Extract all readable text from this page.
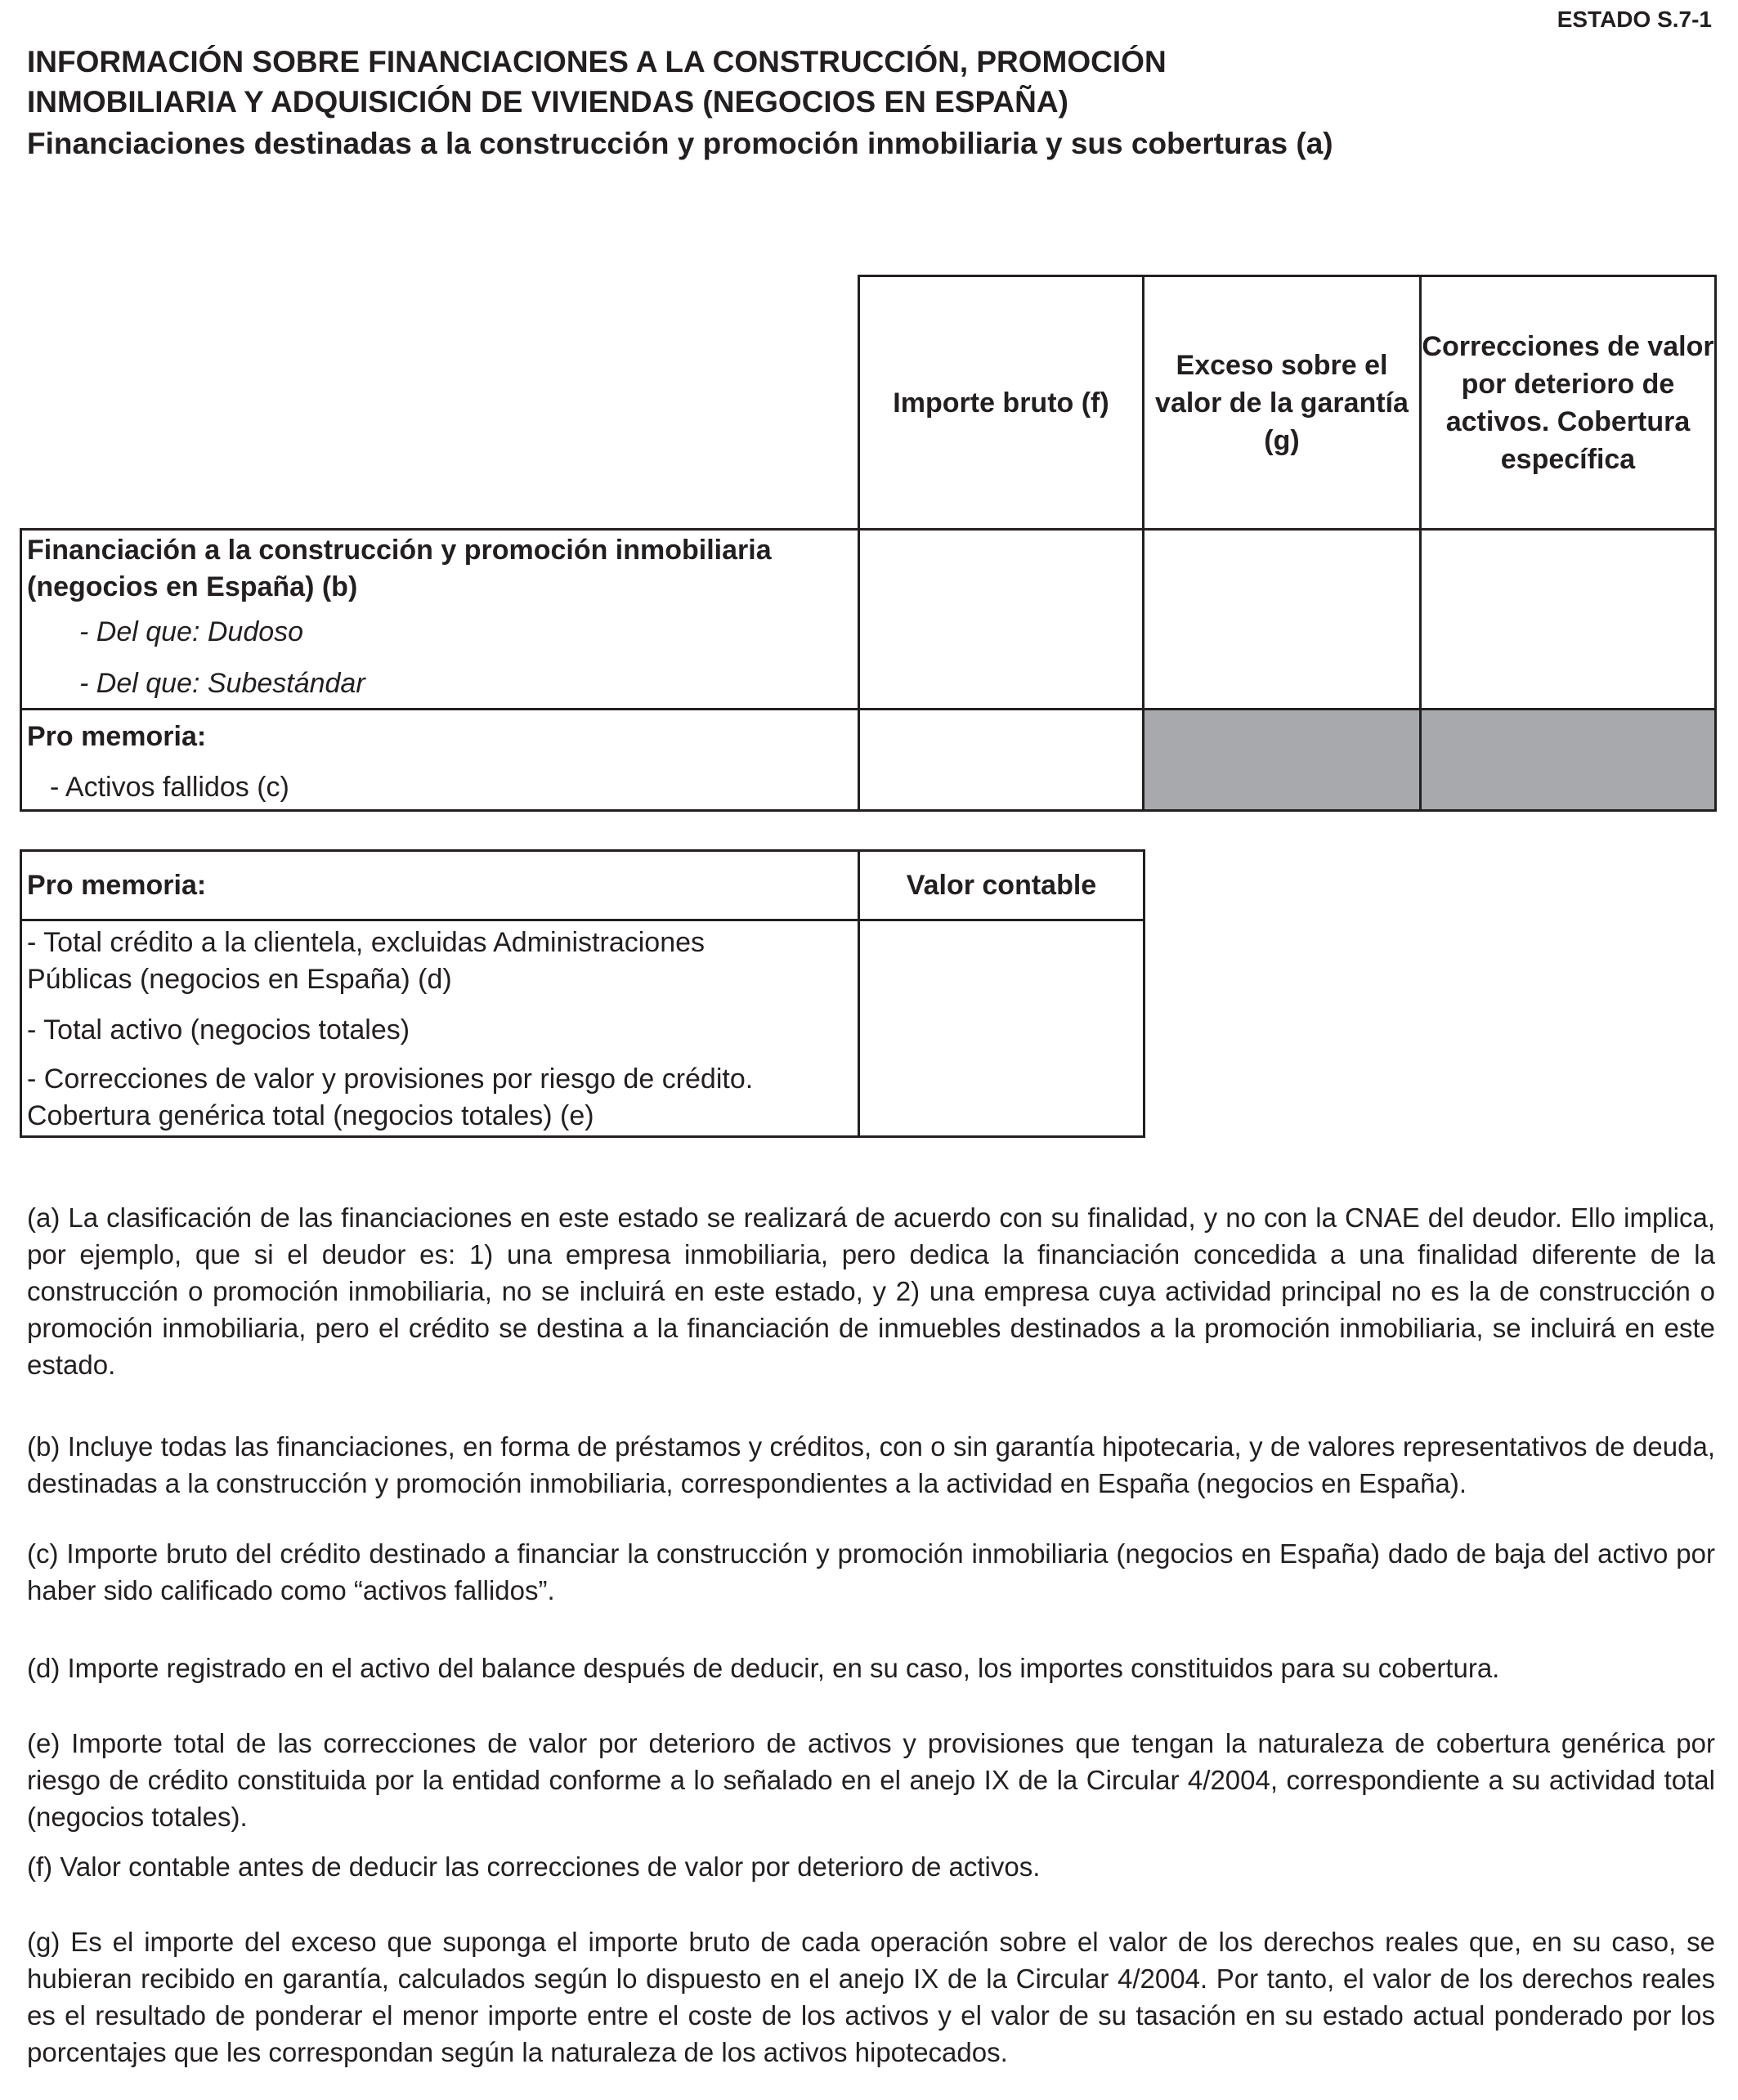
ESTADO S.7-1
INFORMACIÓN SOBRE FINANCIACIONES A LA CONSTRUCCIÓN, PROMOCIÓN
INMOBILIARIA Y ADQUISICIÓN DE VIVIENDAS (NEGOCIOS EN ESPAÑA)
Financiaciones destinadas a la construcción y promoción inmobiliaria y sus coberturas (a)
Importe bruto (f)
Exceso sobre el valor de la garantía (g)
Correcciones de valor por deterioro de activos. Cobertura específica
Financiación a la construcción y promoción inmobiliaria
(negocios en España) (b)
- Del que: Dudoso
- Del que: Subestándar
Pro memoria:
- Activos fallidos (c)
Pro memoria:	Valor contable
- Total crédito a la clientela, excluidas Administraciones
Públicas (negocios en España) (d)
- Total activo (negocios totales)
- Correcciones de valor y provisiones por riesgo de crédito.
Cobertura genérica total (negocios totales) (e)
(a) La clasificación de las financiaciones en este estado se realizará de acuerdo con su finalidad, y no con la CNAE del deudor. Ello implica, por ejemplo, que si el deudor es: 1) una empresa inmobiliaria, pero dedica la financiación concedida a una finalidad diferente de la construcción o promoción inmobiliaria, no se incluirá en este estado, y 2) una empresa cuya actividad principal no es la de construcción o promoción inmobiliaria, pero el crédito se destina a la financiación de inmuebles destinados a la promoción inmobiliaria, se incluirá en este estado.
(b) Incluye todas las financiaciones, en forma de préstamos y créditos, con o sin garantía hipotecaria, y de valores representativos de deuda, destinadas a la construcción y promoción inmobiliaria, correspondientes a la actividad en España (negocios en España).
(c) Importe bruto del crédito destinado a financiar la construcción y promoción inmobiliaria (negocios en España) dado de baja del activo por haber sido calificado como “activos fallidos”.
(d) Importe registrado en el activo del balance después de deducir, en su caso, los importes constituidos para su cobertura.
(e) Importe total de las correcciones de valor por deterioro de activos y provisiones que tengan la naturaleza de cobertura genérica por riesgo de crédito constituida por la entidad conforme a lo señalado en el anejo IX de la Circular 4/2004, correspondiente a su actividad total (negocios totales).
(f) Valor contable antes de deducir las correcciones de valor por deterioro de activos.
(g) Es el importe del exceso que suponga el importe bruto de cada operación sobre el valor de los derechos reales que, en su caso, se hubieran recibido en garantía, calculados según lo dispuesto en el anejo IX de la Circular 4/2004. Por tanto, el valor de los derechos reales es el resultado de ponderar el menor importe entre el coste de los activos y el valor de su tasación en su estado actual ponderado por los porcentajes que les correspondan según la naturaleza de los activos hipotecados.
